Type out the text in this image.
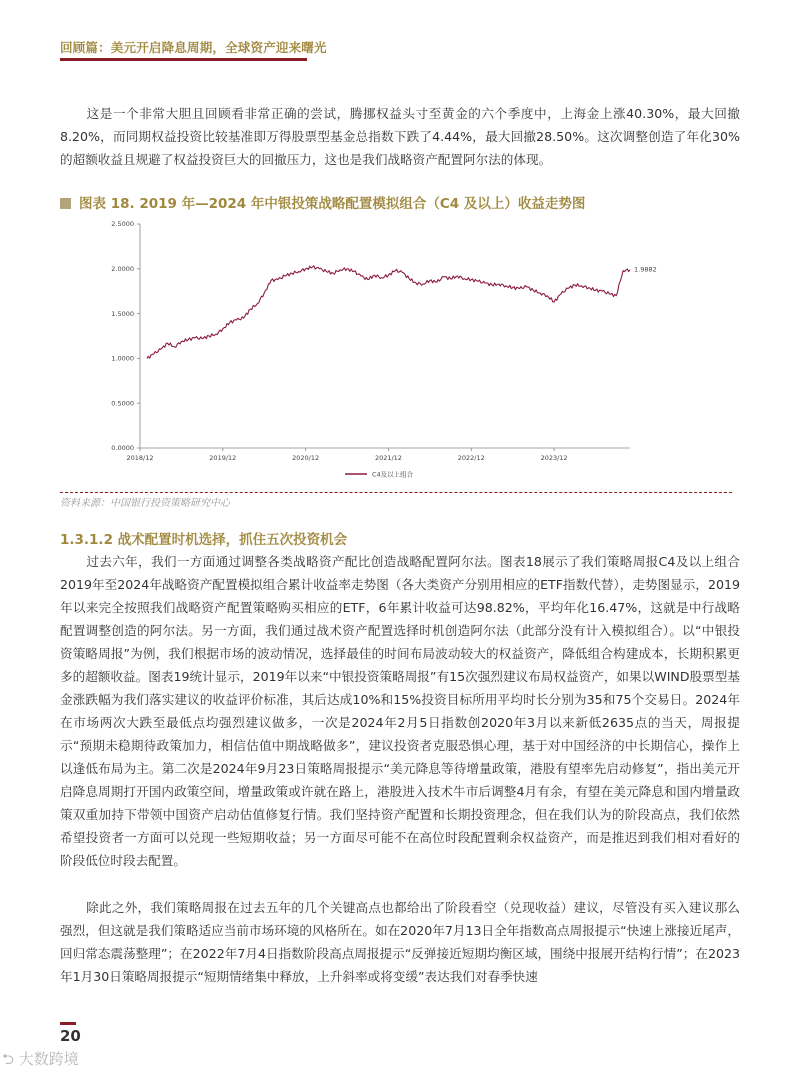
回顾篇：美元开启降息周期，全球资产迎来曙光

这是一个非常大胆且回顾看非常正确的尝试，腾挪权益头寸至黄金的六个季度中，上海金上涨40.30%，最大回撤8.20%，而同期权益投资比较基准即万得股票型基金总指数下跌了4.44%，最大回撤28.50%。这次调整创造了年化30%的超额收益且规避了权益投资巨大的回撤压力，这也是我们战略资产配置阿尔法的体现。

图表 18. 2019 年—2024 年中银投策战略配置模拟组合（C4 及以上）收益走势图
2.5000
2.0000
1.5000
1.0000
0.5000
0.0000
2018/12	2019/12	2020/12	2021/12	2022/12	2023/12
1.9882
C4及以上组合
资料来源：中国银行投资策略研究中心
1.3.1.2 战术配置时机选择，抓住五次投资机会

过去六年，我们一方面通过调整各类战略资产配比创造战略配置阿尔法。图表18展示了我们策略周报C4及以上组合2019年至2024年战略资产配置模拟组合累计收益率走势图（各大类资产分别用相应的ETF指数代替），走势图显示，2019年以来完全按照我们战略资产配置策略购买相应的ETF，6年累计收益可达98.82%，平均年化16.47%，这就是中行战略配置调整创造的阿尔法。另一方面，我们通过战术资产配置选择时机创造阿尔法（此部分没有计入模拟组合）。以“中银投资策略周报”为例，我们根据市场的波动情况，选择最佳的时间布局波动较大的权益资产，降低组合构建成本，长期积累更多的超额收益。图表19统计显示，2019年以来“中银投资策略周报”有15次强烈建议布局权益资产，如果以WIND股票型基金涨跌幅为我们落实建议的收益评价标准，其后达成10%和15%投资目标所用平均时长分别为35和75个交易日。2024年在市场两次大跌至最低点均强烈建议做多，一次是2024年2月5日指数创2020年3月以来新低2635点的当天，周报提示“预期未稳期待政策加力，相信估值中期战略做多”，建议投资者克服恐惧心理，基于对中国经济的中长期信心，操作上以逢低布局为主。第二次是2024年9月23日策略周报提示“美元降息等待增量政策，港股有望率先启动修复”，指出美元开启降息周期打开国内政策空间，增量政策或许就在路上，港股进入技术牛市后调整4月有余，有望在美元降息和国内增量政策双重加持下带领中国资产启动估值修复行情。我们坚持资产配置和长期投资理念，但在我们认为的阶段高点，我们依然希望投资者一方面可以兑现一些短期收益；另一方面尽可能不在高位时段配置剩余权益资产，而是推迟到我们相对看好的阶段低位时段去配置。

除此之外，我们策略周报在过去五年的几个关键高点也都给出了阶段看空（兑现收益）建议，尽管没有买入建议那么强烈，但这就是我们策略适应当前市场环境的风格所在。如在2020年7月13日全年指数高点周报提示“快速上涨接近尾声，回归常态震荡整理”；在2022年7月4日指数阶段高点周报提示“反弹接近短期均衡区域，围绕中报展开结构行情”；在2023年1月30日策略周报提示“短期情绪集中释放，上升斜率或将变缓”表达我们对春季快速

20
⮌ 大数跨境
